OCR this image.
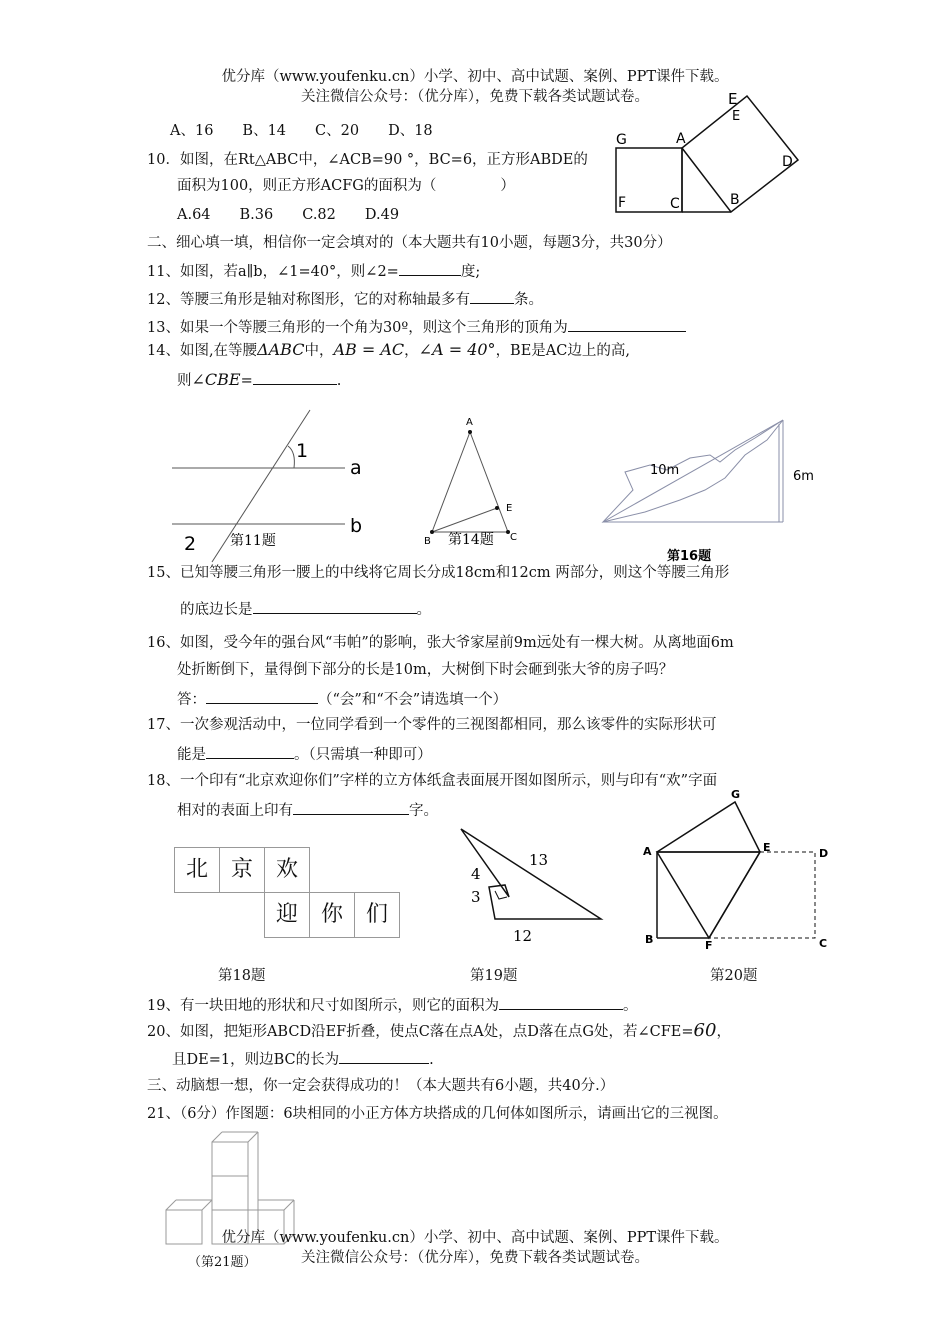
优分库（www.youfenku.cn）小学、初中、高中试题、案例、PPT课件下载。
关注微信公众号：（优分库），免费下载各类试题试卷。
A、16　　B、14　　C、20　　D、18
10．如图，在Rt△ABC中，∠ACB=90 °，BC=6，正方形ABDE的
面积为100，则正方形ACFG的面积为（	）
A.64　　B.36　　C.82　　D.49
E
E
A
G
D
F	C	B
二、细心填一填，相信你一定会填对的（本大题共有10小题，每题3分，共30分）
11、如图，若a∥b，∠1=40°，则∠2=	度;
12、等腰三角形是轴对称图形，它的对称轴最多有	条。
13、如果一个等腰三角形的一个角为30º，则这个三角形的顶角为
14、如图,在等腰ΔABC中，AB = AC，∠A = 40°，BE是AC边上的高,
则∠CBE=	.
1
a
b
2 第11题
A
E
B	C
第14题
10m	6m
第16题
15、已知等腰三角形一腰上的中线将它周长分成18cm和12cm 两部分，则这个等腰三角形
的底边长是	。
16、如图，受今年的强台风“韦帕”的影响，张大爷家屋前9m远处有一棵大树。从离地面6m
处折断倒下，量得倒下部分的长是10m，大树倒下时会砸到张大爷的房子吗？
答：	（“会”和“不会”请选填一个）
17、一次参观活动中，一位同学看到一个零件的三视图都相同，那么该零件的实际形状可
能是	。（只需填一种即可）
18、一个印有“北京欢迎你们”字样的立方体纸盒表面展开图如图所示，则与印有“欢”字面
相对的表面上印有	字。
北	京	欢
迎	你	们
第18题
13
4
3
12
第19题
G
A	E	D
B	F	C
第20题
19、有一块田地的形状和尺寸如图所示，则它的面积为	。
20、如图，把矩形ABCD沿EF折叠，使点C落在点A处，点D落在点G处，若∠CFE=60，
且DE=1，则边BC的长为	.
三、动脑想一想，你一定会获得成功的！（本大题共有6小题，共40分.）
21、（6分）作图题：6块相同的小正方体方块搭成的几何体如图所示，请画出它的三视图。
（第21题）
优分库（www.youfenku.cn）小学、初中、高中试题、案例、PPT课件下载。
关注微信公众号：（优分库），免费下载各类试题试卷。
